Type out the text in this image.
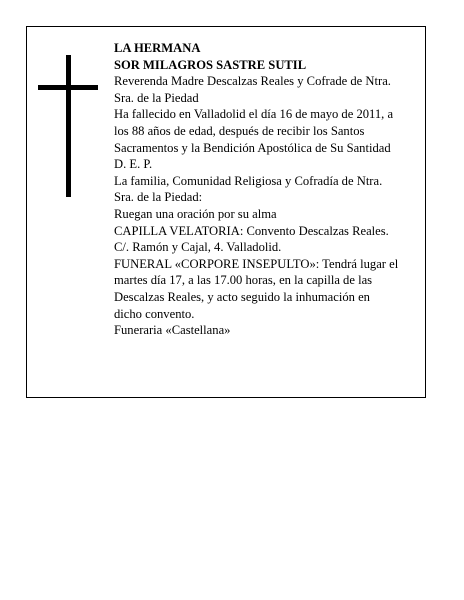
LA HERMANA
SOR MILAGROS SASTRE SUTIL
Reverenda Madre Descalzas Reales y Cofrade de Ntra.
Sra. de la Piedad
Ha fallecido en Valladolid el día 16 de mayo de 2011, a
los 88 años de edad, después de recibir los Santos
Sacramentos y la Bendición Apostólica de Su Santidad
D. E. P.
La familia, Comunidad Religiosa y Cofradía de Ntra.
Sra. de la Piedad:
Ruegan una oración por su alma
CAPILLA VELATORIA: Convento Descalzas Reales.
C/. Ramón y Cajal, 4. Valladolid.
FUNERAL «CORPORE INSEPULTO»: Tendrá lugar el
martes día 17, a las 17.00 horas, en la capilla de las
Descalzas Reales, y acto seguido la inhumación en
dicho convento.
Funeraria «Castellana»
